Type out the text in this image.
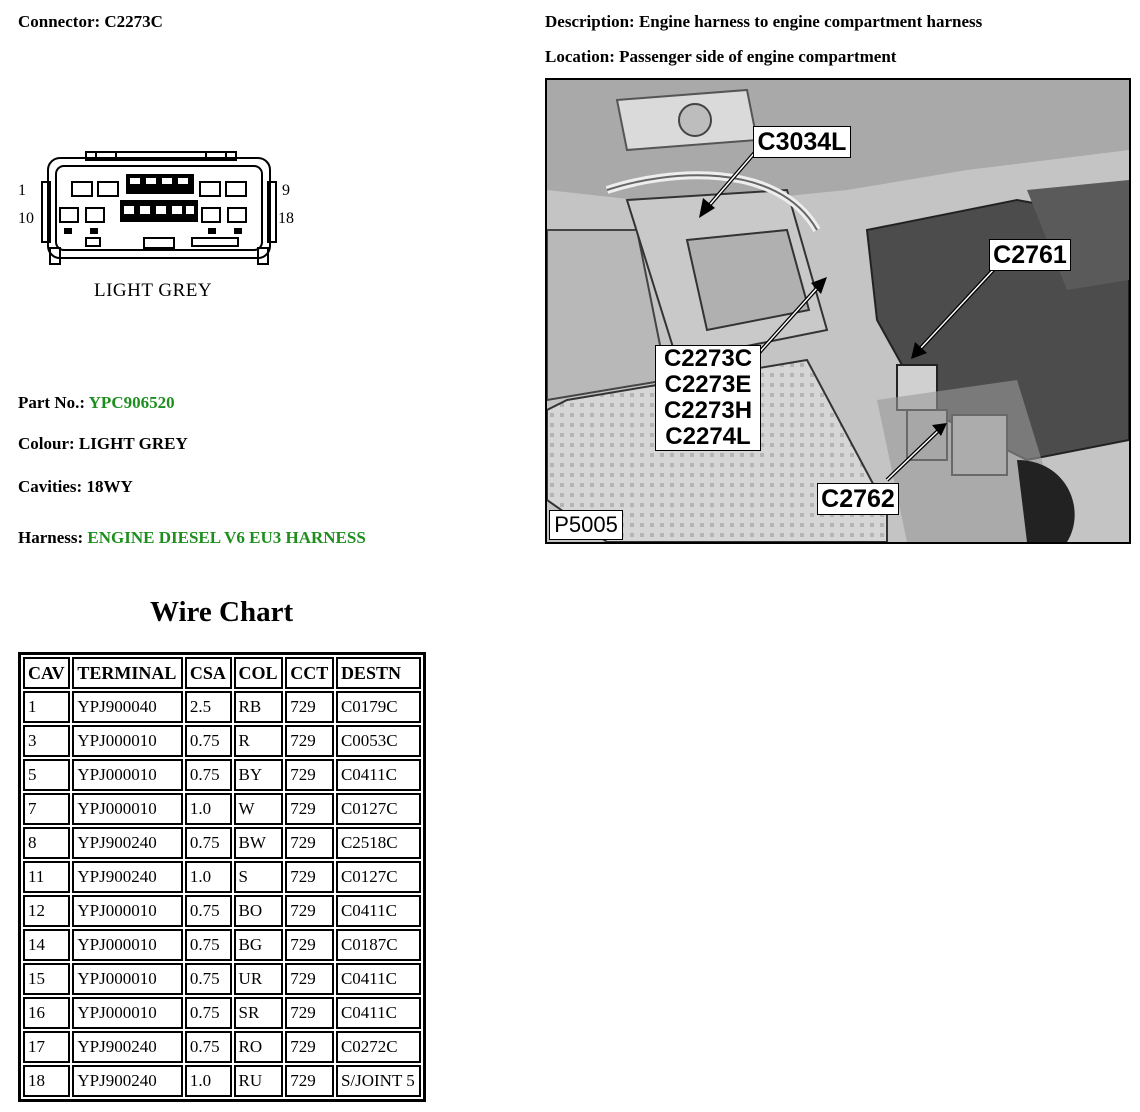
Connector: C2273C	Description: Engine harness to engine compartment harness
Location: Passenger side of engine compartment
1
10
9
18
LIGHT GREY
Part No.: YPC906520
Colour: LIGHT GREY
Cavities: 18WY
Harness: ENGINE DIESEL V6 EU3 HARNESS
Wire Chart
CAV	TERMINAL	CSA	COL	CCT	DESTN
1	YPJ900040	2.5	RB	729	C0179C
3	YPJ000010	0.75	R	729	C0053C
5	YPJ000010	0.75	BY	729	C0411C
7	YPJ000010	1.0	W	729	C0127C
8	YPJ900240	0.75	BW	729	C2518C
11	YPJ900240	1.0	S	729	C0127C
12	YPJ000010	0.75	BO	729	C0411C
14	YPJ000010	0.75	BG	729	C0187C
15	YPJ000010	0.75	UR	729	C0411C
16	YPJ000010	0.75	SR	729	C0411C
17	YPJ900240	0.75	RO	729	C0272C
18	YPJ900240	1.0	RU	729	S/JOINT 5
C3034L
C2761
C2273C
C2273E
C2273H
C2274L
C2762
P5005
